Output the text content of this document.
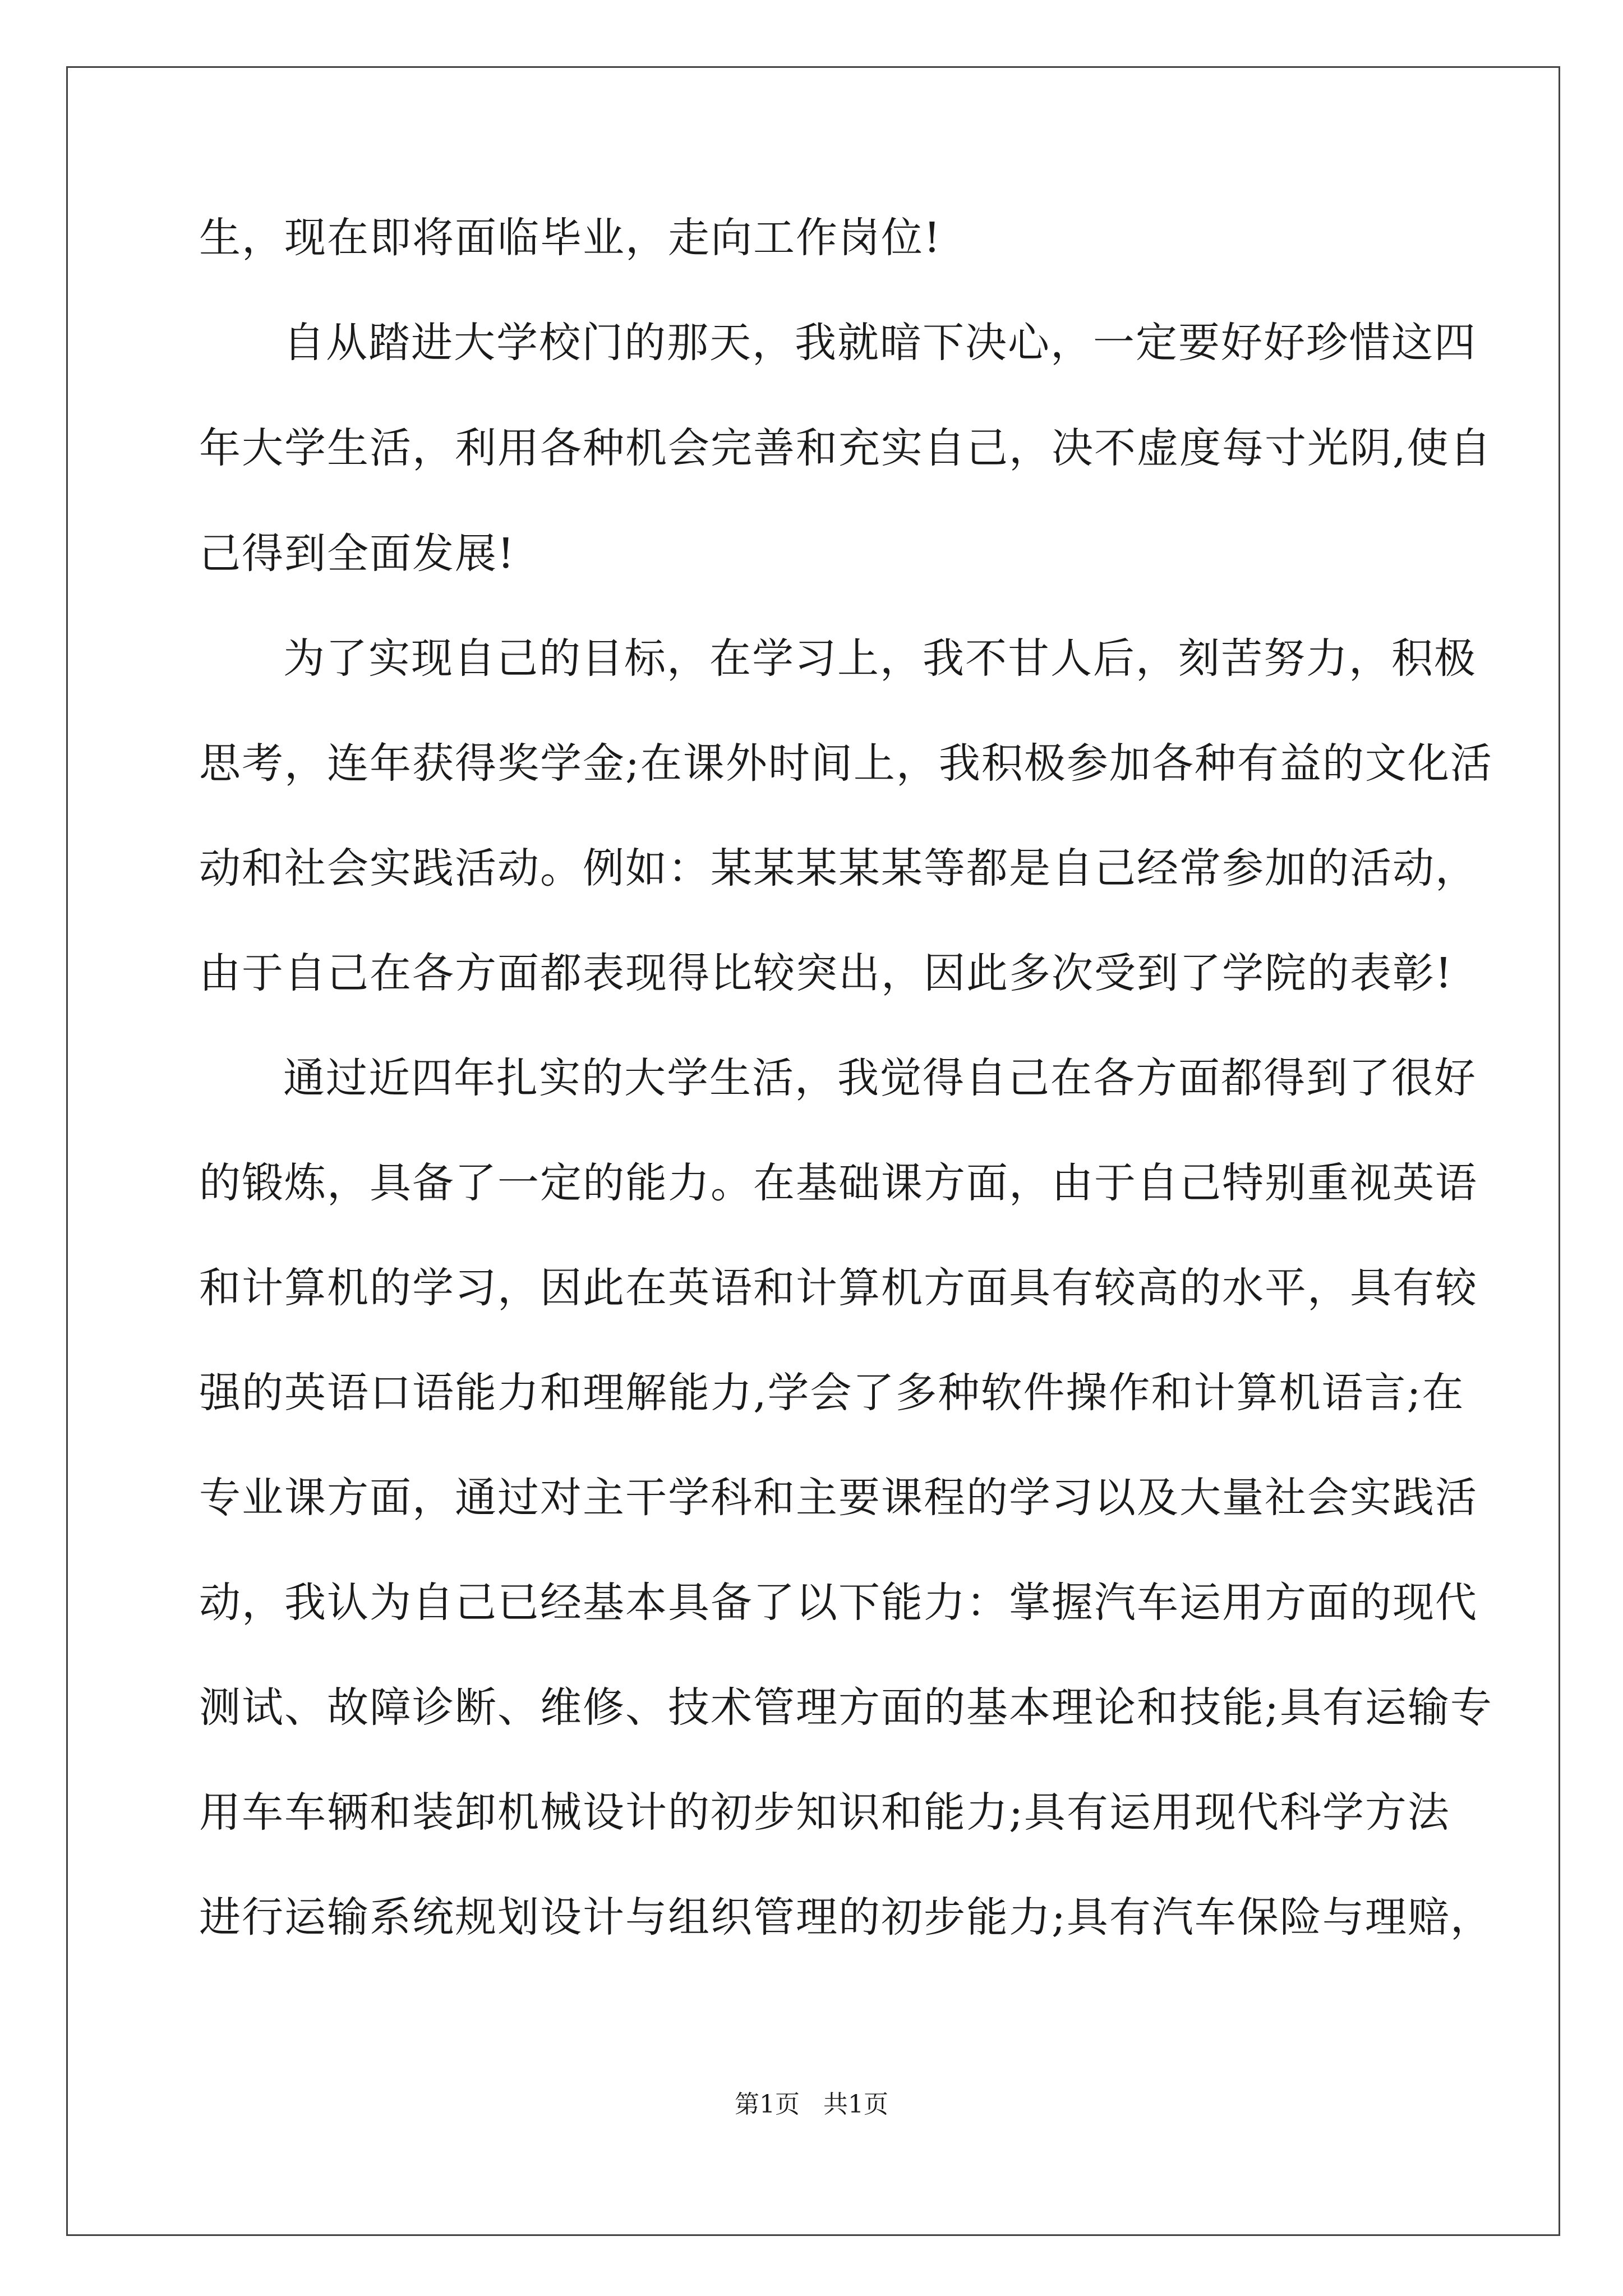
生，现在即将面临毕业，走向工作岗位!
自从踏进大学校门的那天，我就暗下决心，一定要好好珍惜这四
年大学生活，利用各种机会完善和充实自己，决不虚度每寸光阴,使自
己得到全面发展!
为了实现自己的目标，在学习上，我不甘人后，刻苦努力，积极
思考，连年获得奖学金;在课外时间上，我积极参加各种有益的文化活
动和社会实践活动。例如：某某某某某等都是自己经常参加的活动，
由于自己在各方面都表现得比较突出，因此多次受到了学院的表彰!
通过近四年扎实的大学生活，我觉得自己在各方面都得到了很好
的锻炼，具备了一定的能力。在基础课方面，由于自己特别重视英语
和计算机的学习，因此在英语和计算机方面具有较高的水平，具有较
强的英语口语能力和理解能力,学会了多种软件操作和计算机语言;在
专业课方面，通过对主干学科和主要课程的学习以及大量社会实践活
动，我认为自己已经基本具备了以下能力：掌握汽车运用方面的现代
测试、故障诊断、维修、技术管理方面的基本理论和技能;具有运输专
用车车辆和装卸机械设计的初步知识和能力;具有运用现代科学方法
进行运输系统规划设计与组织管理的初步能力;具有汽车保险与理赔，
第1页   共1页
